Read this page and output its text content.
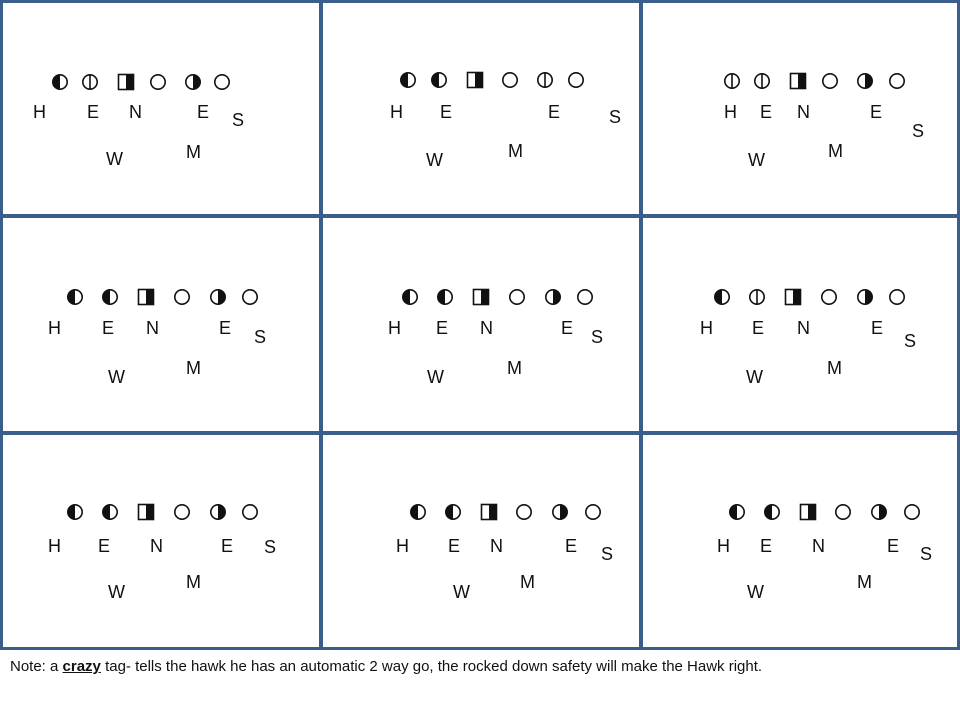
H E N	E S
M
W
H E	E	S
M
W
H E N	E
S
M
W
H E N	E S
M
W
H E N	E S
M
W
H E N	E
S
M
W
H E N	E S
M
W
H E N	E S
M
W
H E N	E S
M
W
Note: a crazy tag- tells the hawk he has an automatic 2 way go, the rocked down safety will make the Hawk right.
